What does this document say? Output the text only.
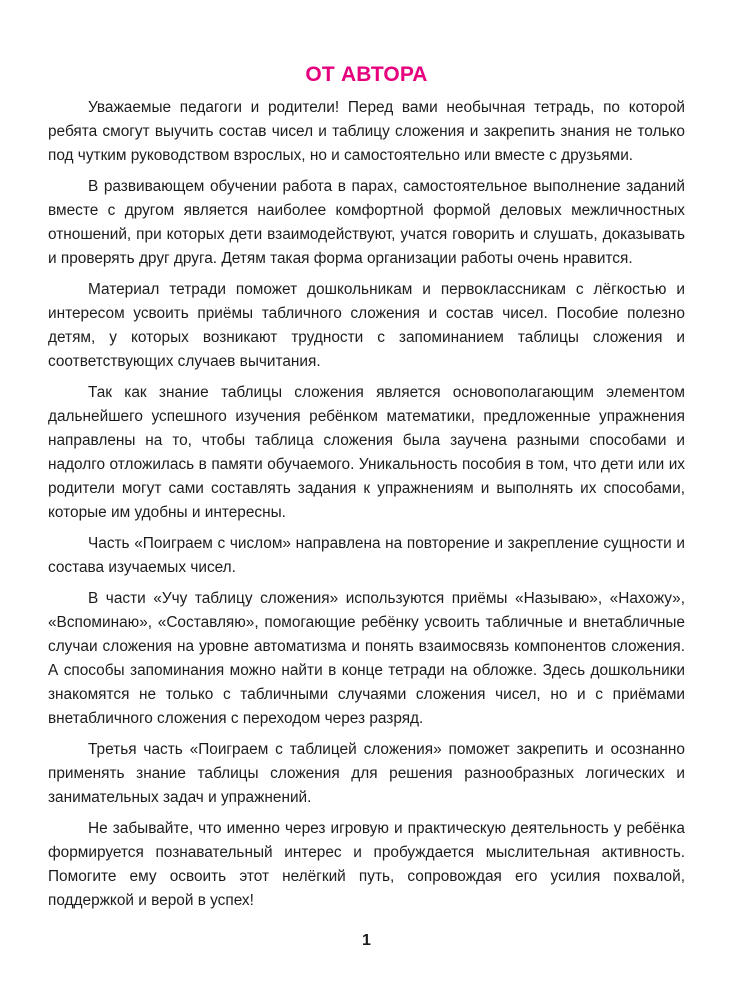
ОТ АВТОРА

Уважаемые педагоги и родители! Перед вами необычная тетрадь, по которой ребята смогут выучить состав чисел и таблицу сложения и закрепить знания не только под чутким руководством взрослых, но и самостоятельно или вместе с друзьями.

В развивающем обучении работа в парах, самостоятельное выполнение заданий вместе с другом является наиболее комфортной формой деловых межличностных отношений, при которых дети взаимодействуют, учатся говорить и слушать, доказывать и проверять друг друга. Детям такая форма организации работы очень нравится.

Материал тетради поможет дошкольникам и первоклассникам с лёгкостью и интересом усвоить приёмы табличного сложения и состав чисел. Пособие полезно детям, у которых возникают трудности с запоминанием таблицы сложения и соответствующих случаев вычитания.

Так как знание таблицы сложения является основополагающим элементом дальнейшего успешного изучения ребёнком математики, предложенные упражнения направлены на то, чтобы таблица сложения была заучена разными способами и надолго отложилась в памяти обучаемого. Уникальность пособия в том, что дети или их родители могут сами составлять задания к упражнениям и выполнять их способами, которые им удобны и интересны.

Часть «Поиграем с числом» направлена на повторение и закрепление сущности и состава изучаемых чисел.

В части «Учу таблицу сложения» используются приёмы «Называю», «Нахожу», «Вспоминаю», «Составляю», помогающие ребёнку усвоить табличные и внетабличные случаи сложения на уровне автоматизма и понять взаимосвязь компонентов сложения. А способы запоминания можно найти в конце тетради на обложке. Здесь дошкольники знакомятся не только с табличными случаями сложения чисел, но и с приёмами внетабличного сложения с переходом через разряд.

Третья часть «Поиграем с таблицей сложения» поможет закрепить и осознанно применять знание таблицы сложения для решения разнообразных логических и занимательных задач и упражнений.

Не забывайте, что именно через игровую и практическую деятельность у ребёнка формируется познавательный интерес и пробуждается мыслительная активность. Помогите ему освоить этот нелёгкий путь, сопровождая его усилия похвалой, поддержкой и верой в успех!

1
